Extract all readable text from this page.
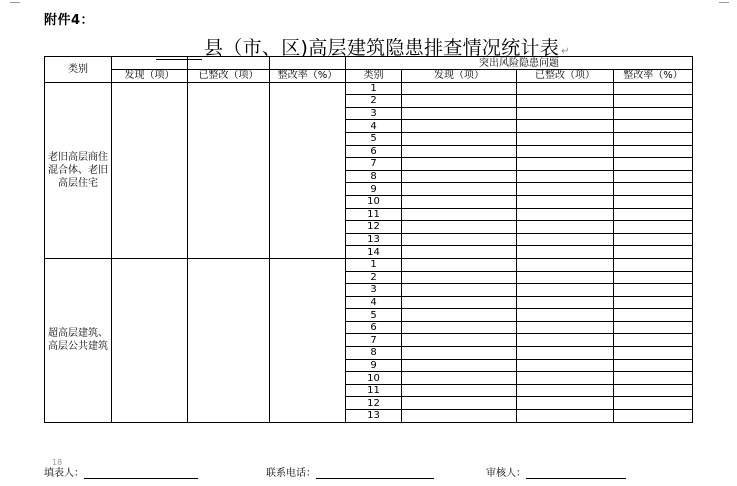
附件4：
县（市、区)高层建筑隐患排查情况统计表 ↵
类别				突出风险隐患问题			
	发现（项）	已整改（项）	整改率（%）	类别	发现（项）	已整改（项）	整改率（%）
老旧高层商住混合体、老旧高层住宅				1			
				2			
				3			
				4			
				5			
				6			
				7			
				8			
				9			
				10			
				11			
				12			
				13			
				14			
超高层建筑、高层公共建筑				1			
				2			
				3			
				4			
				5			
				6			
				7			
				8			
				9			
				10			
				11			
				12			
				13			
18
填表人：	联系电话：	审核人：
